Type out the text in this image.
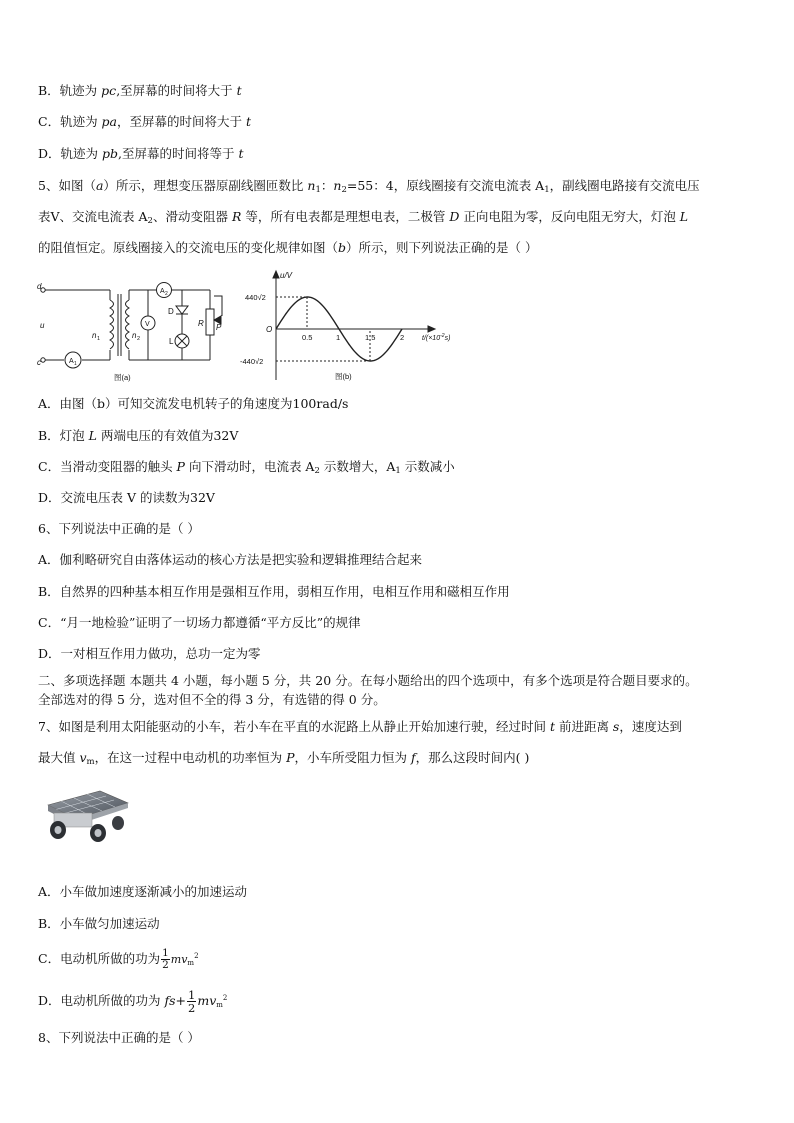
B．轨迹为 pc,至屏幕的时间将大于 t
C．轨迹为 pa，至屏幕的时间将大于 t
D．轨迹为 pb,至屏幕的时间将等于 t
5、如图（a）所示，理想变压器原副线圈匝数比 $n_1$：$n_2=55$：4，原线圈接有交流电流表 $A_1$，副线圈电路接有交流电压
表V、交流电流表 $A_2$、滑动变阻器 R 等，所有电表都是理想电表，二极管 D 正向电阻为零，反向电阻无穷大，灯泡 L
的阻值恒定。原线圈接入的交流电压的变化规律如图（b）所示，则下列说法正确的是（ ）
d
c
u
n 1	n 2
A 1
A 2
V
D
L
R P
图(a)
u/V
O
440√2
-440√2
0.5	1	1.5	2	$t/(\times 10^{-2}s)$
图(b)
A．由图（b）可知交流发电机转子的角速度为100rad/s
B．灯泡 L 两端电压的有效值为32V
C．当滑动变阻器的触头 P 向下滑动时，电流表 $A_2$ 示数增大，$A_1$ 示数减小
D．交流电压表 V 的读数为32V
6、下列说法中正确的是（ ）
A．伽利略研究自由落体运动的核心方法是把实验和逻辑推理结合起来
B．自然界的四种基本相互作用是强相互作用，弱相互作用，电相互作用和磁相互作用
C．“月一地检验”证明了一切场力都遵循“平方反比”的规律
D．一对相互作用力做功，总功一定为零
二、多项选择题 本题共 4 小题，每小题 5 分，共 20 分。在每小题给出的四个选项中，有多个选项是符合题目要求的。
全部选对的得 5 分，选对但不全的得 3 分，有选错的得 0 分。
7、如图是利用太阳能驱动的小车，若小车在平直的水泥路上从静止开始加速行驶，经过时间 t 前进距离 s，速度达到
最大值 $v_m$，在这一过程中电动机的功率恒为 P，小车所受阻力恒为 f，那么这段时间内( )
A．小车做加速度逐渐减小的加速运动
B．小车做匀加速运动
C．电动机所做的功为 $\frac{1}{2} mv_m^2$
D．电动机所做的功为 $fs+ \frac{1}{2} mv_m^2$
8、下列说法中正确的是（ ）
